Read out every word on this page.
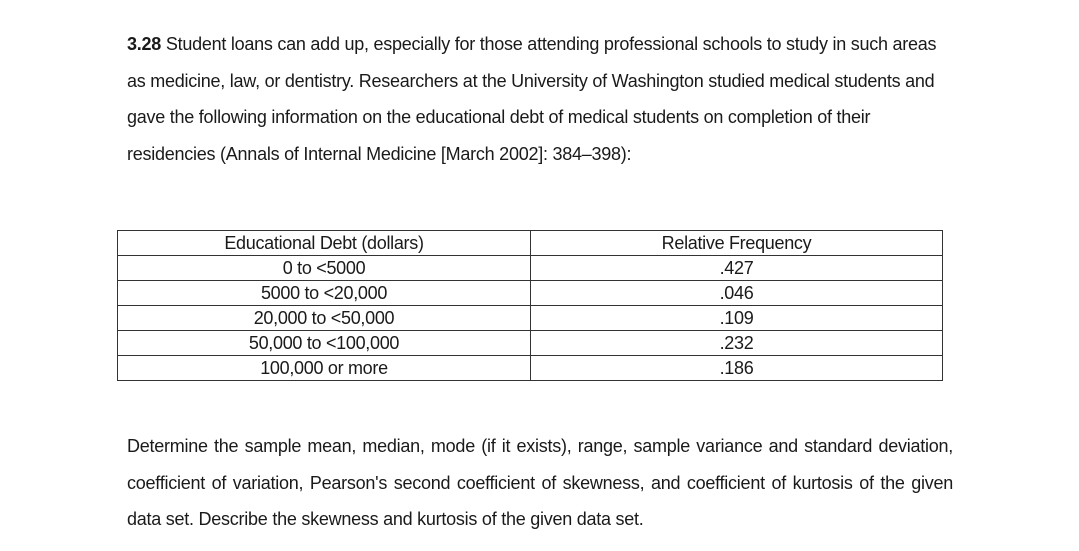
3.28 Student loans can add up, especially for those attending professional schools to study in such areas as medicine, law, or dentistry. Researchers at the University of Washington studied medical students and gave the following information on the educational debt of medical students on completion of their residencies (Annals of Internal Medicine [March 2002]: 384–398):

Educational Debt (dollars)	Relative Frequency
0 to <5000	.427
5000 to <20,000	.046
20,000 to <50,000	.109
50,000 to <100,000	.232
100,000 or more	.186

Determine the sample mean, median, mode (if it exists), range, sample variance and standard deviation, coefficient of variation, Pearson's second coefficient of skewness, and coefficient of kurtosis of the given data set. Describe the skewness and kurtosis of the given data set.
